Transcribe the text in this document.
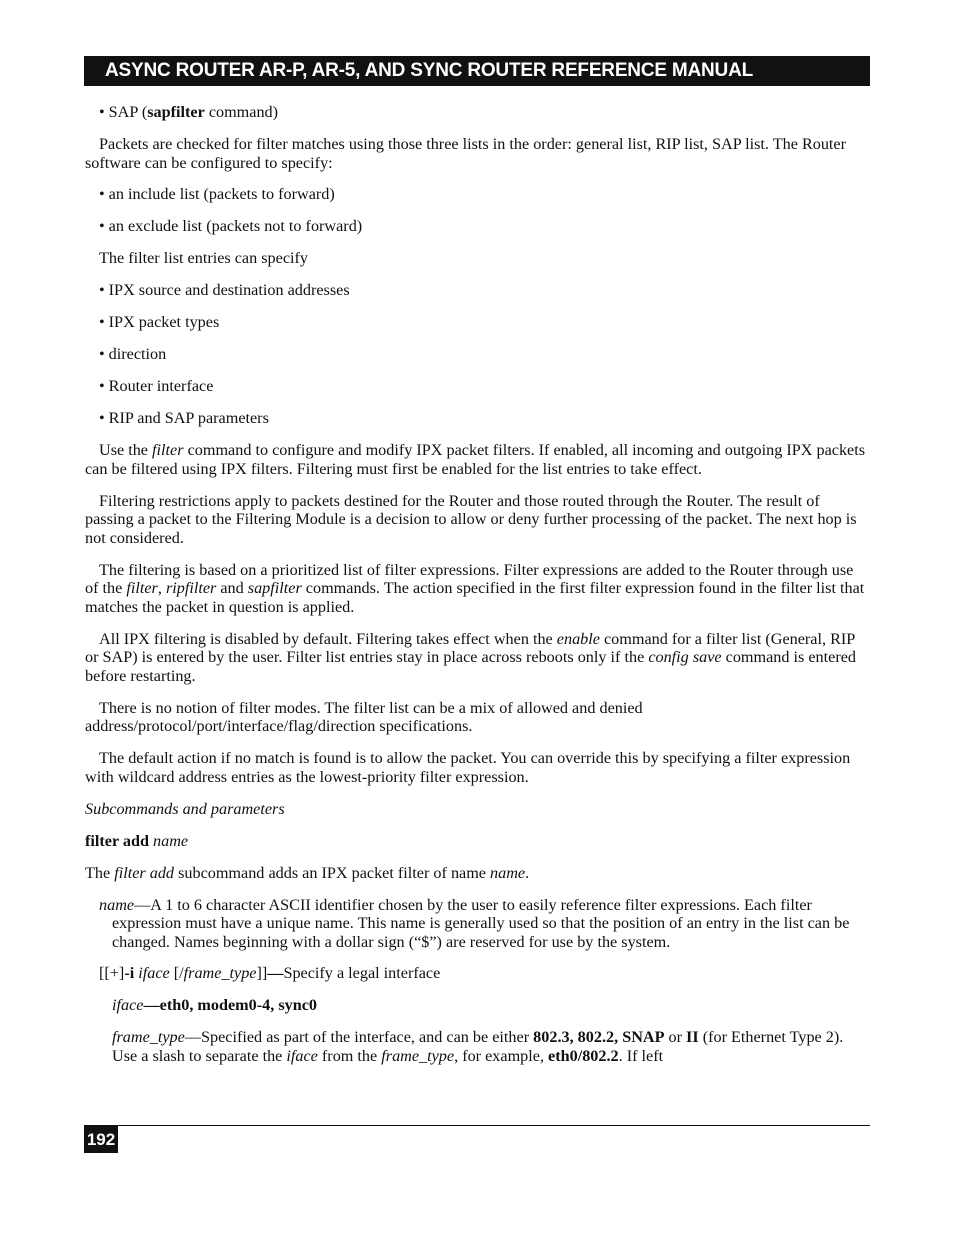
ASYNC ROUTER AR-P, AR-5, AND SYNC ROUTER REFERENCE MANUAL

• SAP (sapfilter command)

Packets are checked for filter matches using those three lists in the order: general list, RIP list, SAP list. The Router software can be configured to specify:

• an include list (packets to forward)

• an exclude list (packets not to forward)

The filter list entries can specify

• IPX source and destination addresses

• IPX packet types

• direction

• Router interface

• RIP and SAP parameters

Use the filter command to configure and modify IPX packet filters. If enabled, all incoming and outgoing IPX packets can be filtered using IPX filters. Filtering must first be enabled for the list entries to take effect.

Filtering restrictions apply to packets destined for the Router and those routed through the Router. The result of passing a packet to the Filtering Module is a decision to allow or deny further processing of the packet. The next hop is not considered.

The filtering is based on a prioritized list of filter expressions. Filter expressions are added to the Router through use of the filter, ripfilter and sapfilter commands. The action specified in the first filter expression found in the filter list that matches the packet in question is applied.

All IPX filtering is disabled by default. Filtering takes effect when the enable command for a filter list (General, RIP or SAP) is entered by the user. Filter list entries stay in place across reboots only if the config save command is entered before restarting.

There is no notion of filter modes. The filter list can be a mix of allowed and denied address/protocol/port/interface/flag/direction specifications.

The default action if no match is found is to allow the packet. You can override this by specifying a filter expression with wildcard address entries as the lowest-priority filter expression.

Subcommands and parameters

filter add name

The filter add subcommand adds an IPX packet filter of name name.

name—A 1 to 6 character ASCII identifier chosen by the user to easily reference filter expressions. Each filter expression must have a unique name. This name is generally used so that the position of an entry in the list can be changed. Names beginning with a dollar sign (“$”) are reserved for use by the system.

[[+]-i iface [/frame_type]]—Specify a legal interface

iface—eth0, modem0-4, sync0

frame_type—Specified as part of the interface, and can be either 802.3, 802.2, SNAP or II (for Ethernet Type 2). Use a slash to separate the iface from the frame_type, for example, eth0/802.2. If left

192
